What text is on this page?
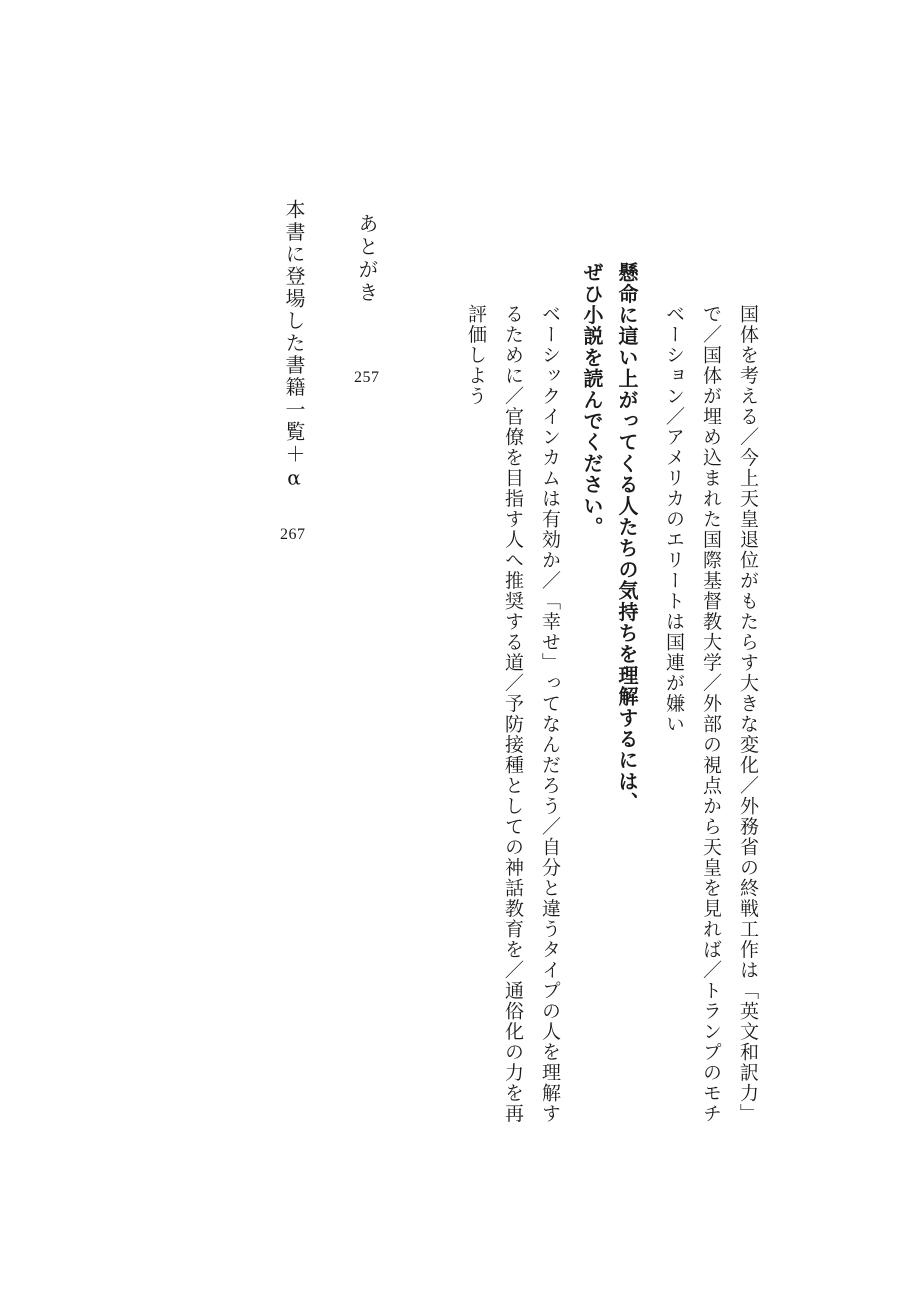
国体を考える／今上天皇退位がもたらす大きな変化／外務省の終戦工作は「英文和訳力」
で／国体が埋め込まれた国際基督教大学／外部の視点から天皇を見れば／トランプのモチ
ベーション／アメリカのエリートは国連が嫌い
懸命に這い上がってくる人たちの気持ちを理解するには、
ぜひ小説を読んでください。
ベーシックインカムは有効か／「幸せ」ってなんだろう／自分と違うタイプの人を理解す
るために／官僚を目指す人へ推奨する道／予防接種としての神話教育を／通俗化の力を再
評価しよう
あとがき
257
本書に登場した書籍一覧＋α
267
